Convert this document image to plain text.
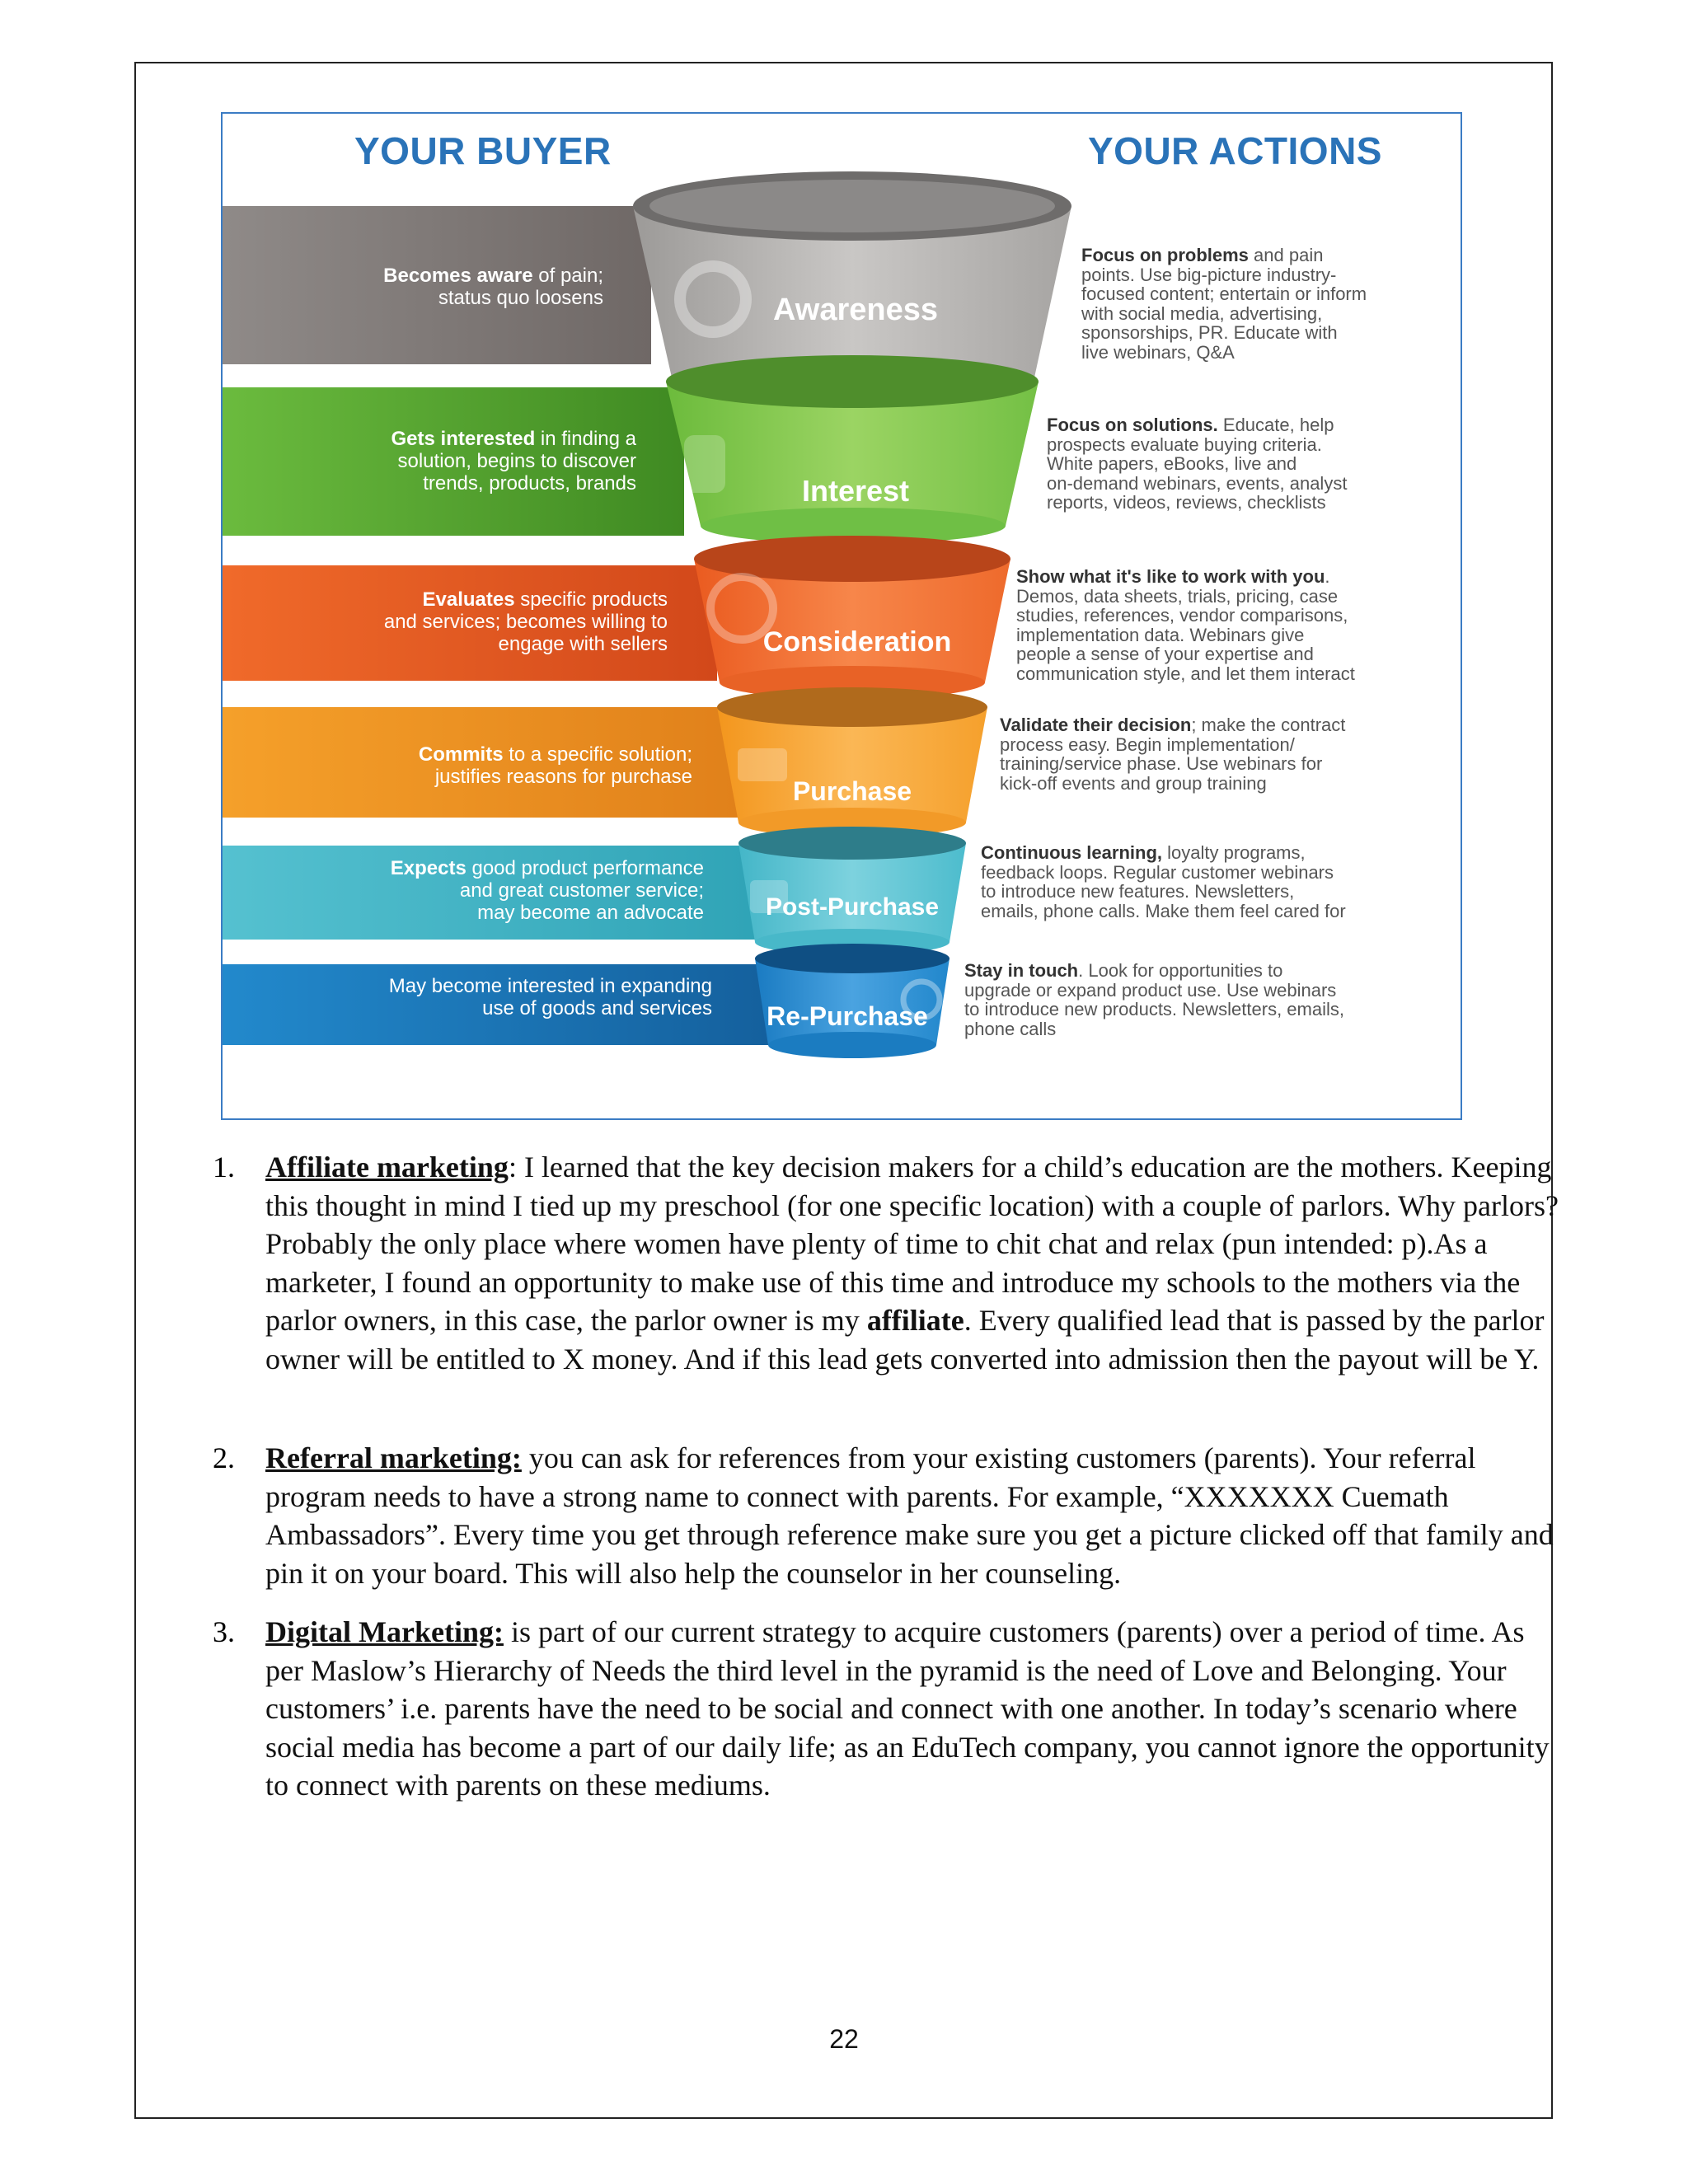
YOUR BUYER	YOUR ACTIONS
Awareness
Interest
Consideration
Purchase
Post-Purchase
Re-Purchase
Becomes aware of pain;
status quo loosens
Gets interested in finding a
solution, begins to discover
trends, products, brands
Evaluates specific products
and services; becomes willing to
engage with sellers
Commits to a specific solution;
justifies reasons for purchase
Expects good product performance
and great customer service;
may become an advocate
May become interested in expanding
use of goods and services
Focus on problems and pain
points. Use big-picture industry-
focused content; entertain or inform
with social media, advertising,
sponsorships, PR. Educate with
live webinars, Q&A
Focus on solutions. Educate, help
prospects evaluate buying criteria.
White papers, eBooks, live and
on-demand webinars, events, analyst
reports, videos, reviews, checklists
Show what it's like to work with you.
Demos, data sheets, trials, pricing, case
studies, references, vendor comparisons,
implementation data. Webinars give
people a sense of your expertise and
communication style, and let them interact
Validate their decision; make the contract
process easy. Begin implementation/
training/service phase. Use webinars for
kick-off events and group training
Continuous learning, loyalty programs,
feedback loops. Regular customer webinars
to introduce new features. Newsletters,
emails, phone calls. Make them feel cared for
Stay in touch. Look for opportunities to
upgrade or expand product use. Use webinars
to introduce new products. Newsletters, emails,
phone calls
1. Affiliate marketing: I learned that the key decision makers for a child’s education are the mothers. Keeping this thought in mind I tied up my preschool (for one specific location) with a couple of parlors. Why parlors? Probably the only place where women have plenty of time to chit chat and relax (pun intended: p).As a marketer, I found an opportunity to make use of this time and introduce my schools to the mothers via the parlor owners, in this case, the parlor owner is my affiliate. Every qualified lead that is passed by the parlor owner will be entitled to X money. And if this lead gets converted into admission then the payout will be Y.
2. Referral marketing: you can ask for references from your existing customers (parents). Your referral program needs to have a strong name to connect with parents. For example, “XXXXXXX Cuemath Ambassadors”. Every time you get through reference make sure you get a picture clicked off that family and pin it on your board. This will also help the counselor in her counseling.
3. Digital Marketing: is part of our current strategy to acquire customers (parents) over a period of time. As per Maslow’s Hierarchy of Needs the third level in the pyramid is the need of Love and Belonging. Your customers’ i.e. parents have the need to be social and connect with one another. In today’s scenario where social media has become a part of our daily life; as an EduTech company, you cannot ignore the opportunity to connect with parents on these mediums.
22
